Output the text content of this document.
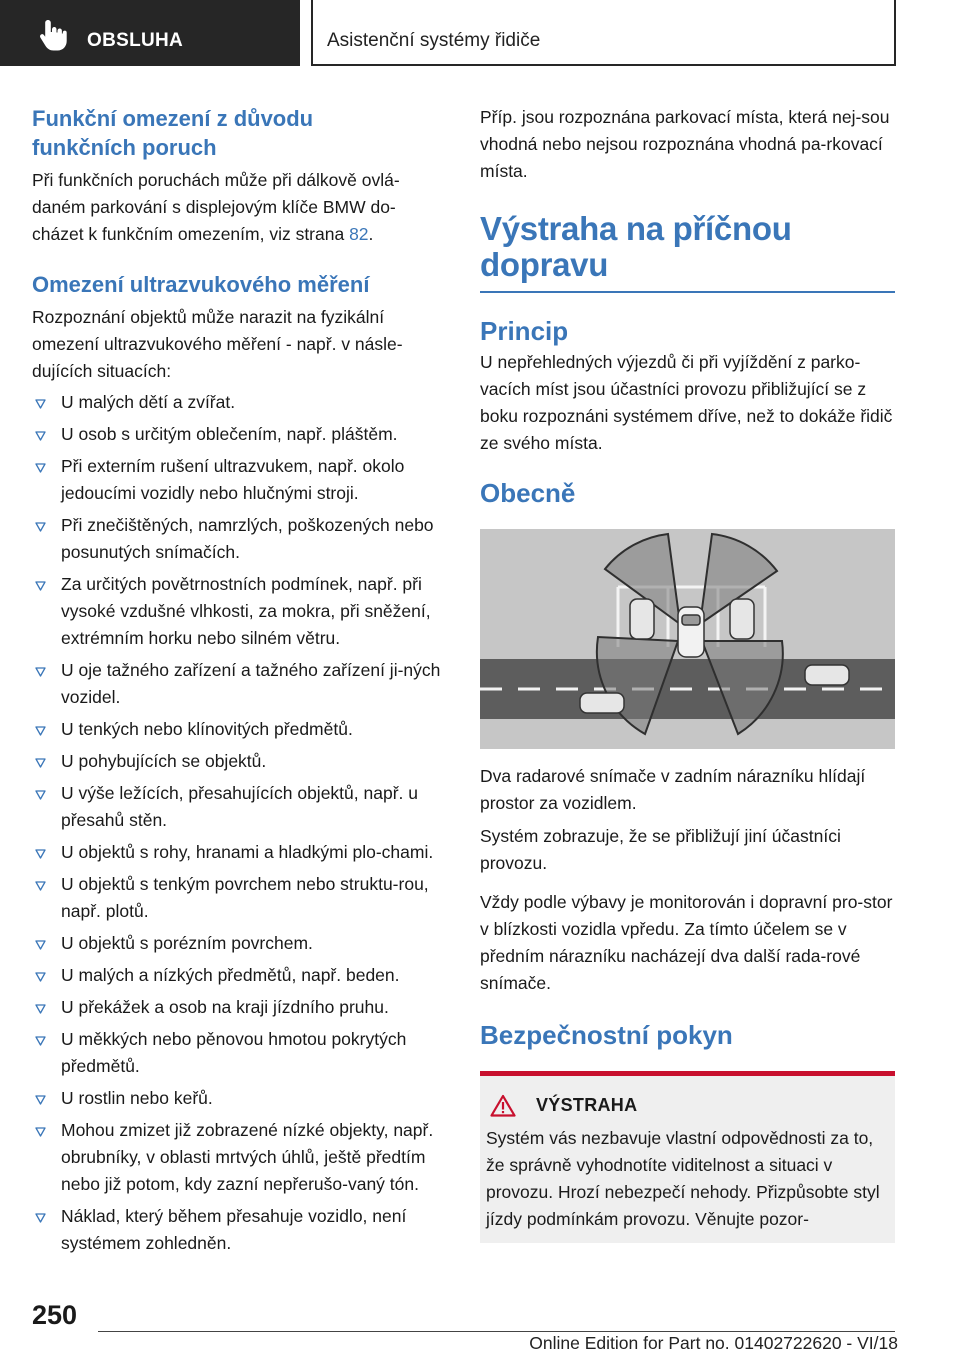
OBSLUHA	Asistenční systémy řidiče
Funkční omezení z důvodu
funkčních poruch

Při funkčních poruchách může při dálkově ovlá-daném parkování s displejovým klíče BMW do-cházet k funkčním omezením, viz strana 82.

Omezení ultrazvukového měření

Rozpoznání objektů může narazit na fyzikální omezení ultrazvukového měření - např. v násle-dujících situacích:

U malých dětí a zvířat.
U osob s určitým oblečením, např. pláštěm.
Při externím rušení ultrazvukem, např. okolo jedoucími vozidly nebo hlučnými stroji.
Při znečištěných, namrzlých, poškozených nebo posunutých snímačích.
Za určitých povětrnostních podmínek, např. při vysoké vzdušné vlhkosti, za mokra, při sněžení, extrémním horku nebo silném větru.
U oje tažného zařízení a tažného zařízení ji-ných vozidel.
U tenkých nebo klínovitých předmětů.
U pohybujících se objektů.
U výše ležících, přesahujících objektů, např. u přesahů stěn.
U objektů s rohy, hranami a hladkými plo-chami.
U objektů s tenkým povrchem nebo struktu-rou, např. plotů.
U objektů s porézním povrchem.
U malých a nízkých předmětů, např. beden.
U překážek a osob na kraji jízdního pruhu.
U měkkých nebo pěnovou hmotou pokrytých předmětů.
U rostlin nebo keřů.
Mohou zmizet již zobrazené nízké objekty, např. obrubníky, v oblasti mrtvých úhlů, ještě předtím nebo již potom, kdy zazní nepřerušo-vaný tón.
Náklad, který během přesahuje vozidlo, není systémem zohledněn.

Příp. jsou rozpoznána parkovací místa, která nej-sou vhodná nebo nejsou rozpoznána vhodná pa-rkovací místa.

Výstraha na příčnou
dopravu
Princip

U nepřehledných výjezdů či při vyjíždění z parko-vacích míst jsou účastníci provozu přibližující se z boku rozpoznáni systémem dříve, než to dokáže řidič ze svého místa.

Obecně

Dva radarové snímače v zadním nárazníku hlídají prostor za vozidlem.

Systém zobrazuje, že se přibližují jiní účastníci provozu.

Vždy podle výbavy je monitorován i dopravní pro-stor v blízkosti vozidla vpředu. Za tímto účelem se v předním nárazníku nacházejí dva další rada-rové snímače.

Bezpečnostní pokyn
VÝSTRAHA

Systém vás nezbavuje vlastní odpovědnosti za to, že správně vyhodnotíte viditelnost a situaci v provozu. Hrozí nebezpečí nehody. Přizpůsobte styl jízdy podmínkám provozu. Věnujte pozor-

250
Online Edition for Part no. 01402722620 - VI/18
